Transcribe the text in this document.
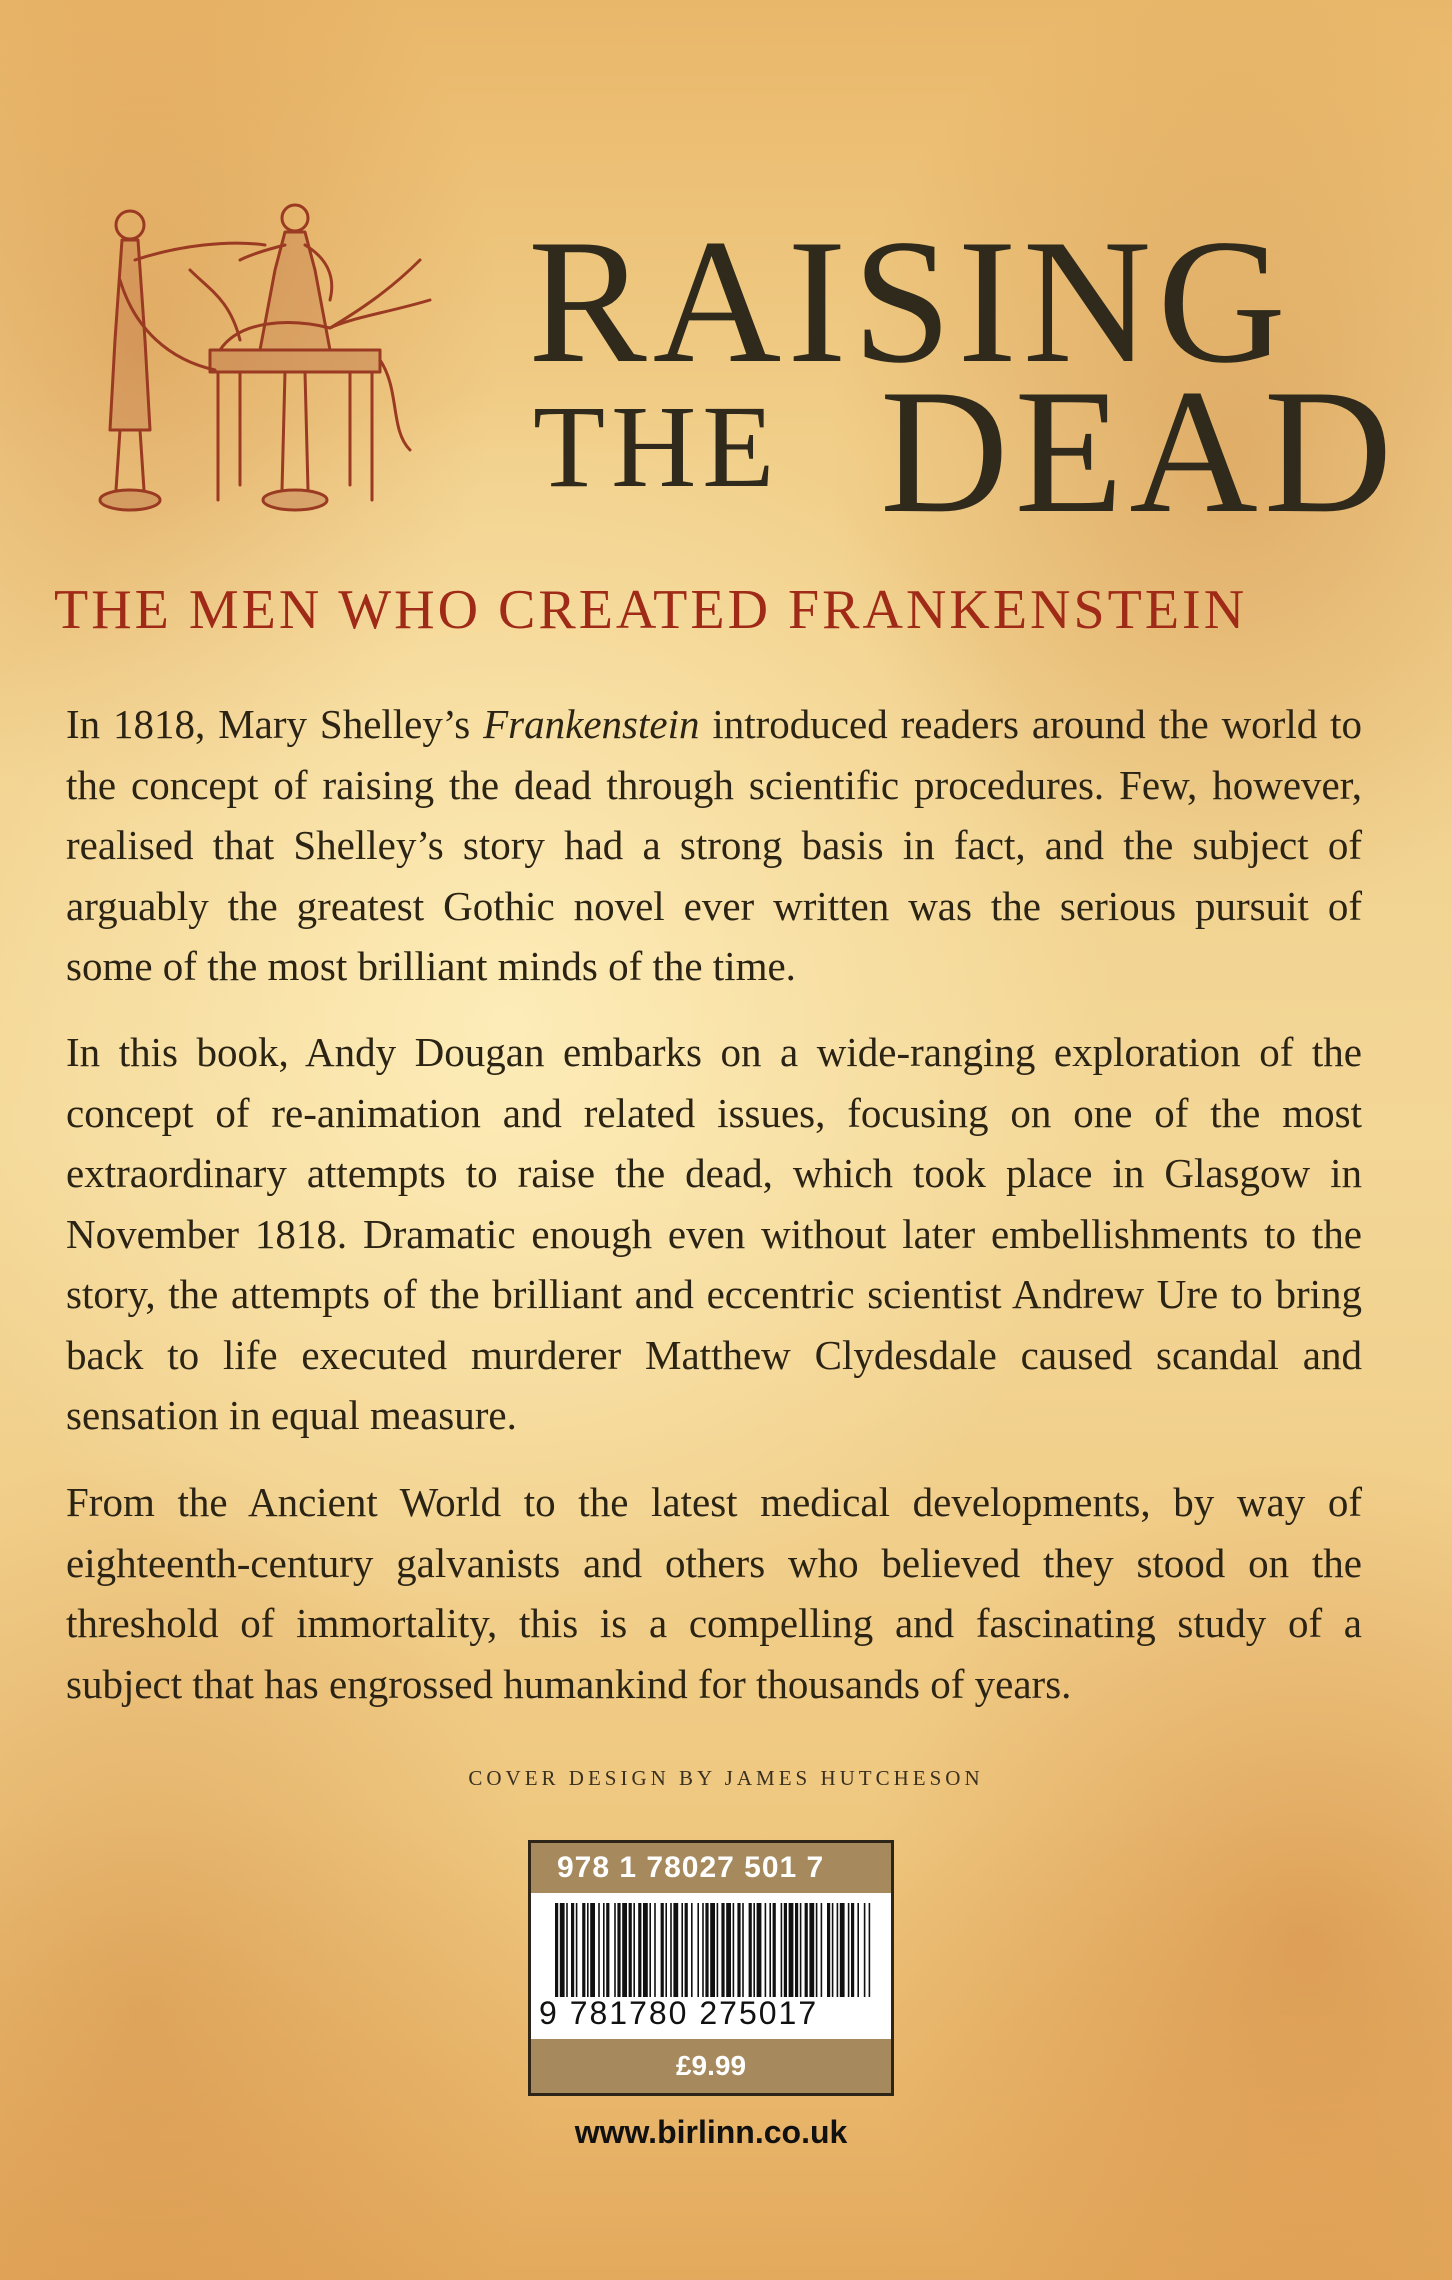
RAISING
THE DEAD
THE MEN WHO CREATED FRANKENSTEIN
In 1818, Mary Shelley’s Frankenstein introduced readers around the world to the concept of raising the dead through scientific procedures. Few, however, realised that Shelley’s story had a strong basis in fact, and the subject of arguably the greatest Gothic novel ever written was the serious pursuit of some of the most brilliant minds of the time.
In this book, Andy Dougan embarks on a wide-ranging exploration of the concept of re-animation and related issues, focusing on one of the most extraordinary attempts to raise the dead, which took place in Glasgow in November 1818. Dramatic enough even without later embellishments to the story, the attempts of the brilliant and eccentric scientist Andrew Ure to bring back to life executed murderer Matthew Clydesdale caused scandal and sensation in equal measure.
From the Ancient World to the latest medical developments, by way of eighteenth-century galvanists and others who believed they stood on the threshold of immortality, this is a compelling and fascinating study of a subject that has engrossed humankind for thousands of years.
COVER DESIGN BY JAMES HUTCHESON
978 1 78027 501 7
9 781780 275017
£9.99
www.birlinn.co.uk
